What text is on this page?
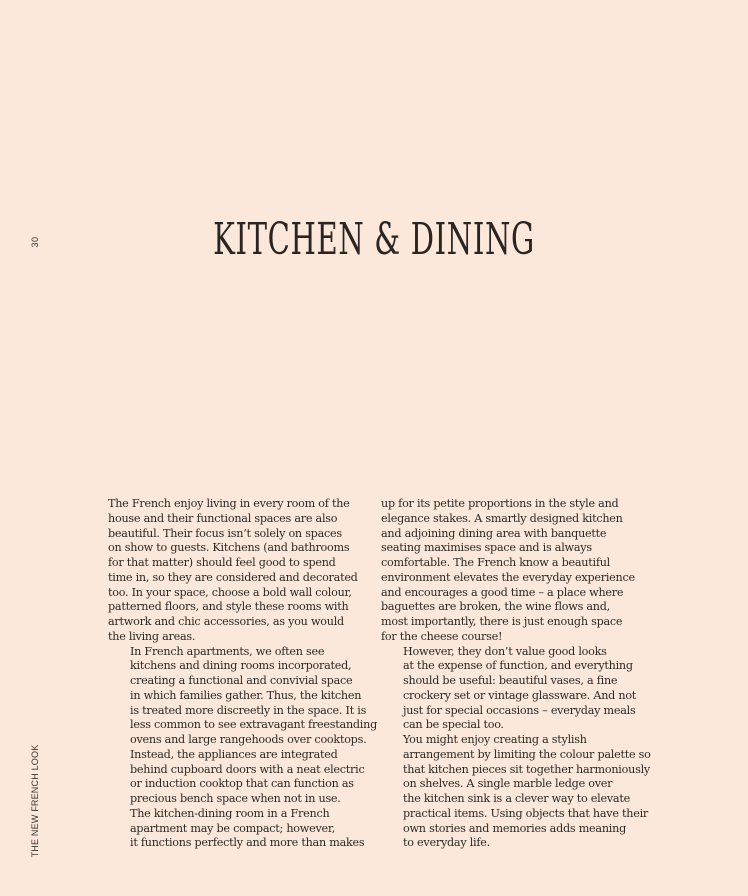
30
THE NEW FRENCH LOOK
KITCHEN & DINING

The French enjoy living in every room of the
house and their functional spaces are also
beautiful. Their focus isn’t solely on spaces
on show to guests. Kitchens (and bathrooms
for that matter) should feel good to spend
time in, so they are considered and decorated
too. In your space, choose a bold wall colour,
patterned floors, and style these rooms with
artwork and chic accessories, as you would
the living areas.

In French apartments, we often see
kitchens and dining rooms incorporated,
creating a functional and convivial space
in which families gather. Thus, the kitchen
is treated more discreetly in the space. It is
less common to see extravagant freestanding
ovens and large rangehoods over cooktops.
Instead, the appliances are integrated
behind cupboard doors with a neat electric
or induction cooktop that can function as
precious bench space when not in use.

The kitchen-dining room in a French
apartment may be compact; however,
it functions perfectly and more than makes

up for its petite proportions in the style and
elegance stakes. A smartly designed kitchen
and adjoining dining area with banquette
seating maximises space and is always
comfortable. The French know a beautiful
environment elevates the everyday experience
and encourages a good time – a place where
baguettes are broken, the wine flows and,
most importantly, there is just enough space
for the cheese course!

However, they don’t value good looks
at the expense of function, and everything
should be useful: beautiful vases, a fine
crockery set or vintage glassware. And not
just for special occasions – everyday meals
can be special too.

You might enjoy creating a stylish
arrangement by limiting the colour palette so
that kitchen pieces sit together harmoniously
on shelves. A single marble ledge over
the kitchen sink is a clever way to elevate
practical items. Using objects that have their
own stories and memories adds meaning
to everyday life.
